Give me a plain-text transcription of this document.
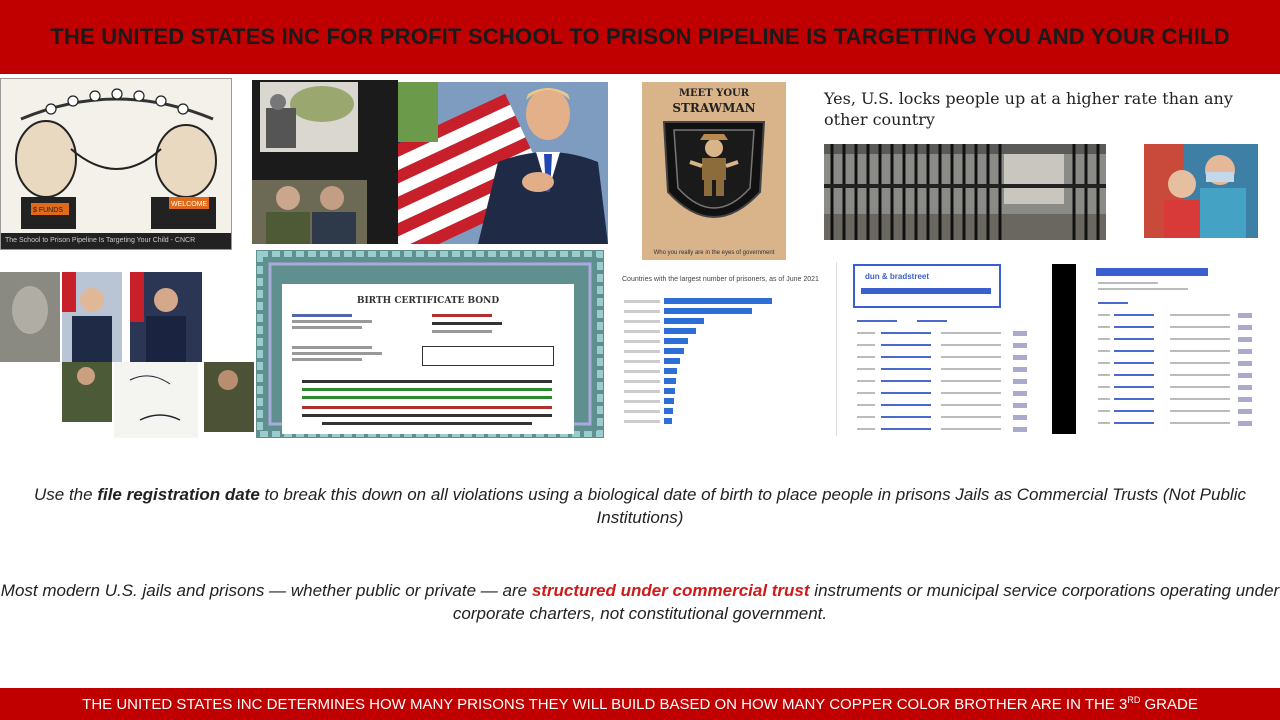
THE UNITED STATES INC FOR PROFIT SCHOOL TO PRISON PIPELINE IS TARGETTING YOU AND YOUR CHILD
$ FUNDS
WELCOME
The School to Prison Pipeline Is Targeting Your Child - CNCR
MEET YOUR
STRAWMAN
Who you really are in the eyes of government
Yes, U.S. locks people up at a higher rate than any other country
BIRTH CERTIFICATE BOND
Countries with the largest number of prisoners, as of June 2021	dun & bradstreet
Use the file registration date to break this down on all violations using a biological date of birth to place people in prisons Jails as Commercial Trusts (Not Public Institutions)
Most modern U.S. jails and prisons — whether public or private — are structured under commercial trust instruments or municipal service corporations operating under corporate charters, not constitutional government.
THE UNITED STATES INC DETERMINES HOW MANY PRISONS THEY WILL BUILD BASED ON HOW MANY COPPER COLOR BROTHER ARE IN THE 3RD GRADE
